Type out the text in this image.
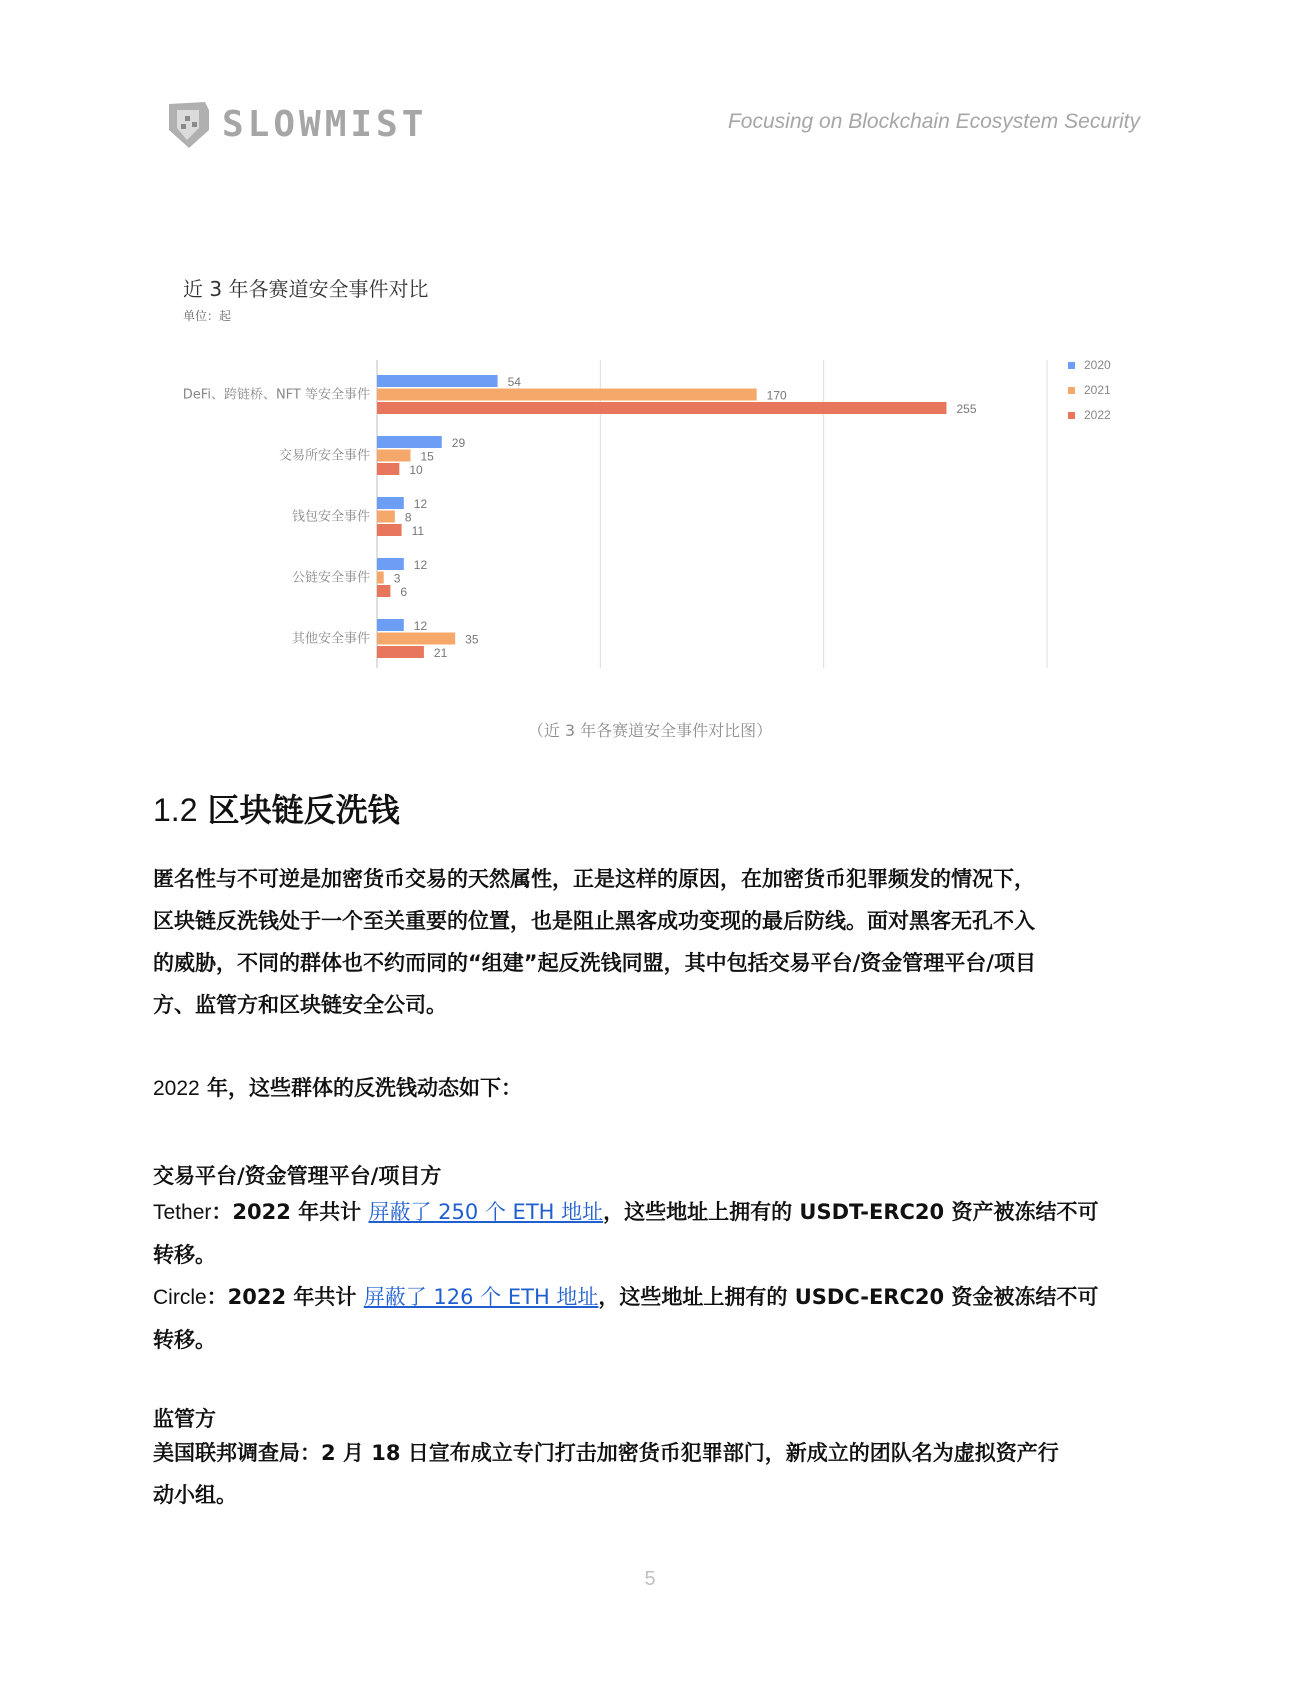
SLOWMIST	Focusing on Blockchain Ecosystem Security
近 3 年各赛道安全事件对比
单位：起
DeFi、跨链桥、NFT 等安全事件
54
170
255
交易所安全事件
29
15
10
钱包安全事件
12
8
11
公链安全事件
12
3
6
其他安全事件
12
35
21
2020
2021
2022
（近 3 年各赛道安全事件对比图）
1.2 区块链反洗钱
匿名性与不可逆是加密货币交易的天然属性，正是这样的原因，在加密货币犯罪频发的情况下，
区块链反洗钱处于一个至关重要的位置，也是阻止黑客成功变现的最后防线。面对黑客无孔不入
的威胁，不同的群体也不约而同的“组建”起反洗钱同盟，其中包括交易平台/资金管理平台/项目
方、监管方和区块链安全公司。
2022 年，这些群体的反洗钱动态如下：
交易平台/资金管理平台/项目方
Tether：2022 年共计 屏蔽了 250 个 ETH 地址，这些地址上拥有的 USDT-ERC20 资产被冻结不可
转移。
Circle：2022 年共计 屏蔽了 126 个 ETH 地址，这些地址上拥有的 USDC-ERC20 资金被冻结不可
转移。
监管方
美国联邦调查局：2 月 18 日宣布成立专门打击加密货币犯罪部门，新成立的团队名为虚拟资产行
动小组。
5
